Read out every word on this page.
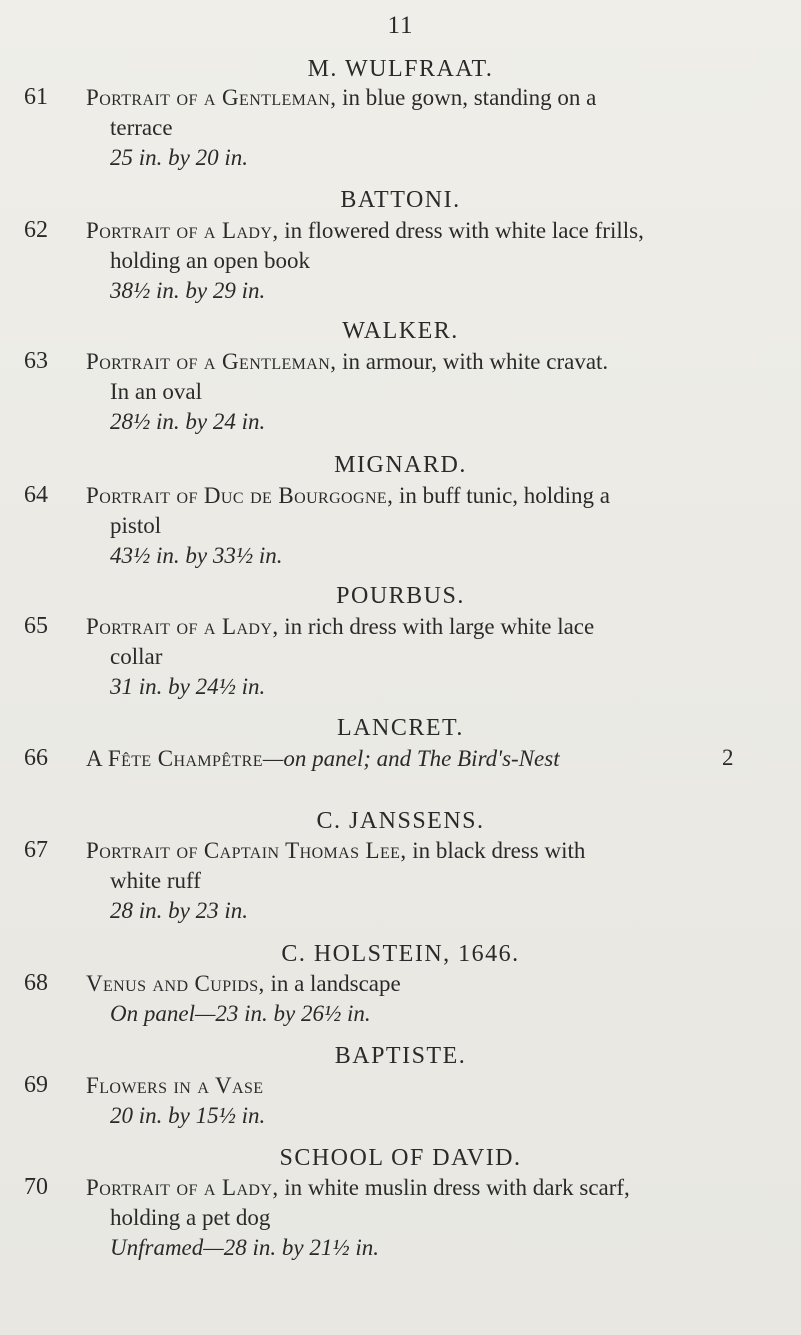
11
M. WULFRAAT.
61	Portrait of a Gentleman, in blue gown, standing on a
terrace
25 in. by 20 in.
BATTONI.
62	Portrait of a Lady, in flowered dress with white lace frills,
holding an open book
38½ in. by 29 in.
WALKER.
63	Portrait of a Gentleman, in armour, with white cravat.
In an oval
28½ in. by 24 in.
MIGNARD.
64	Portrait of Duc de Bourgogne, in buff tunic, holding a
pistol
43½ in. by 33½ in.
POURBUS.
65	Portrait of a Lady, in rich dress with large white lace
collar
31 in. by 24½ in.
LANCRET.
66	A Fête Champêtre—on panel; and The Bird's-Nest	2
C. JANSSENS.
67	Portrait of Captain Thomas Lee, in black dress with
white ruff
28 in. by 23 in.
C. HOLSTEIN, 1646.
68	Venus and Cupids, in a landscape
On panel—23 in. by 26½ in.
BAPTISTE.
69	Flowers in a Vase
20 in. by 15½ in.
SCHOOL OF DAVID.
70	Portrait of a Lady, in white muslin dress with dark scarf,
holding a pet dog
Unframed—28 in. by 21½ in.
